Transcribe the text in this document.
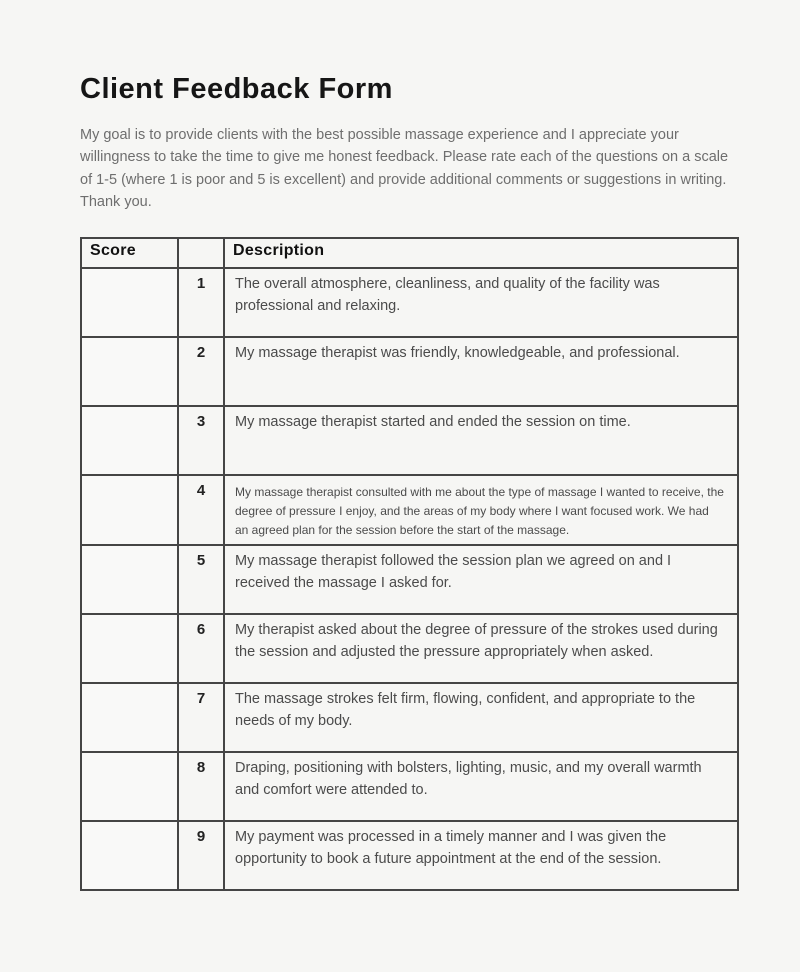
Client Feedback Form

My goal is to provide clients with the best possible massage experience and I appreciate your willingness to take the time to give me honest feedback. Please rate each of the questions on a scale of 1-5 (where 1 is poor and 5 is excellent) and provide additional comments or suggestions in writing. Thank you.

Score		Description
	1	The overall atmosphere, cleanliness, and quality of the facility was professional and relaxing.
	2	My massage therapist was friendly, knowledgeable, and professional.
	3	My massage therapist started and ended the session on time.
	4	My massage therapist consulted with me about the type of massage I wanted to receive, the degree of pressure I enjoy, and the areas of my body where I want focused work. We had an agreed plan for the session before the start of the massage.
	5	My massage therapist followed the session plan we agreed on and I received the massage I asked for.
	6	My therapist asked about the degree of pressure of the strokes used during the session and adjusted the pressure appropriately when asked.
	7	The massage strokes felt firm, flowing, confident, and appropriate to the needs of my body.
	8	Draping, positioning with bolsters, lighting, music, and my overall warmth and comfort were attended to.
	9	My payment was processed in a timely manner and I was given the opportunity to book a future appointment at the end of the session.
